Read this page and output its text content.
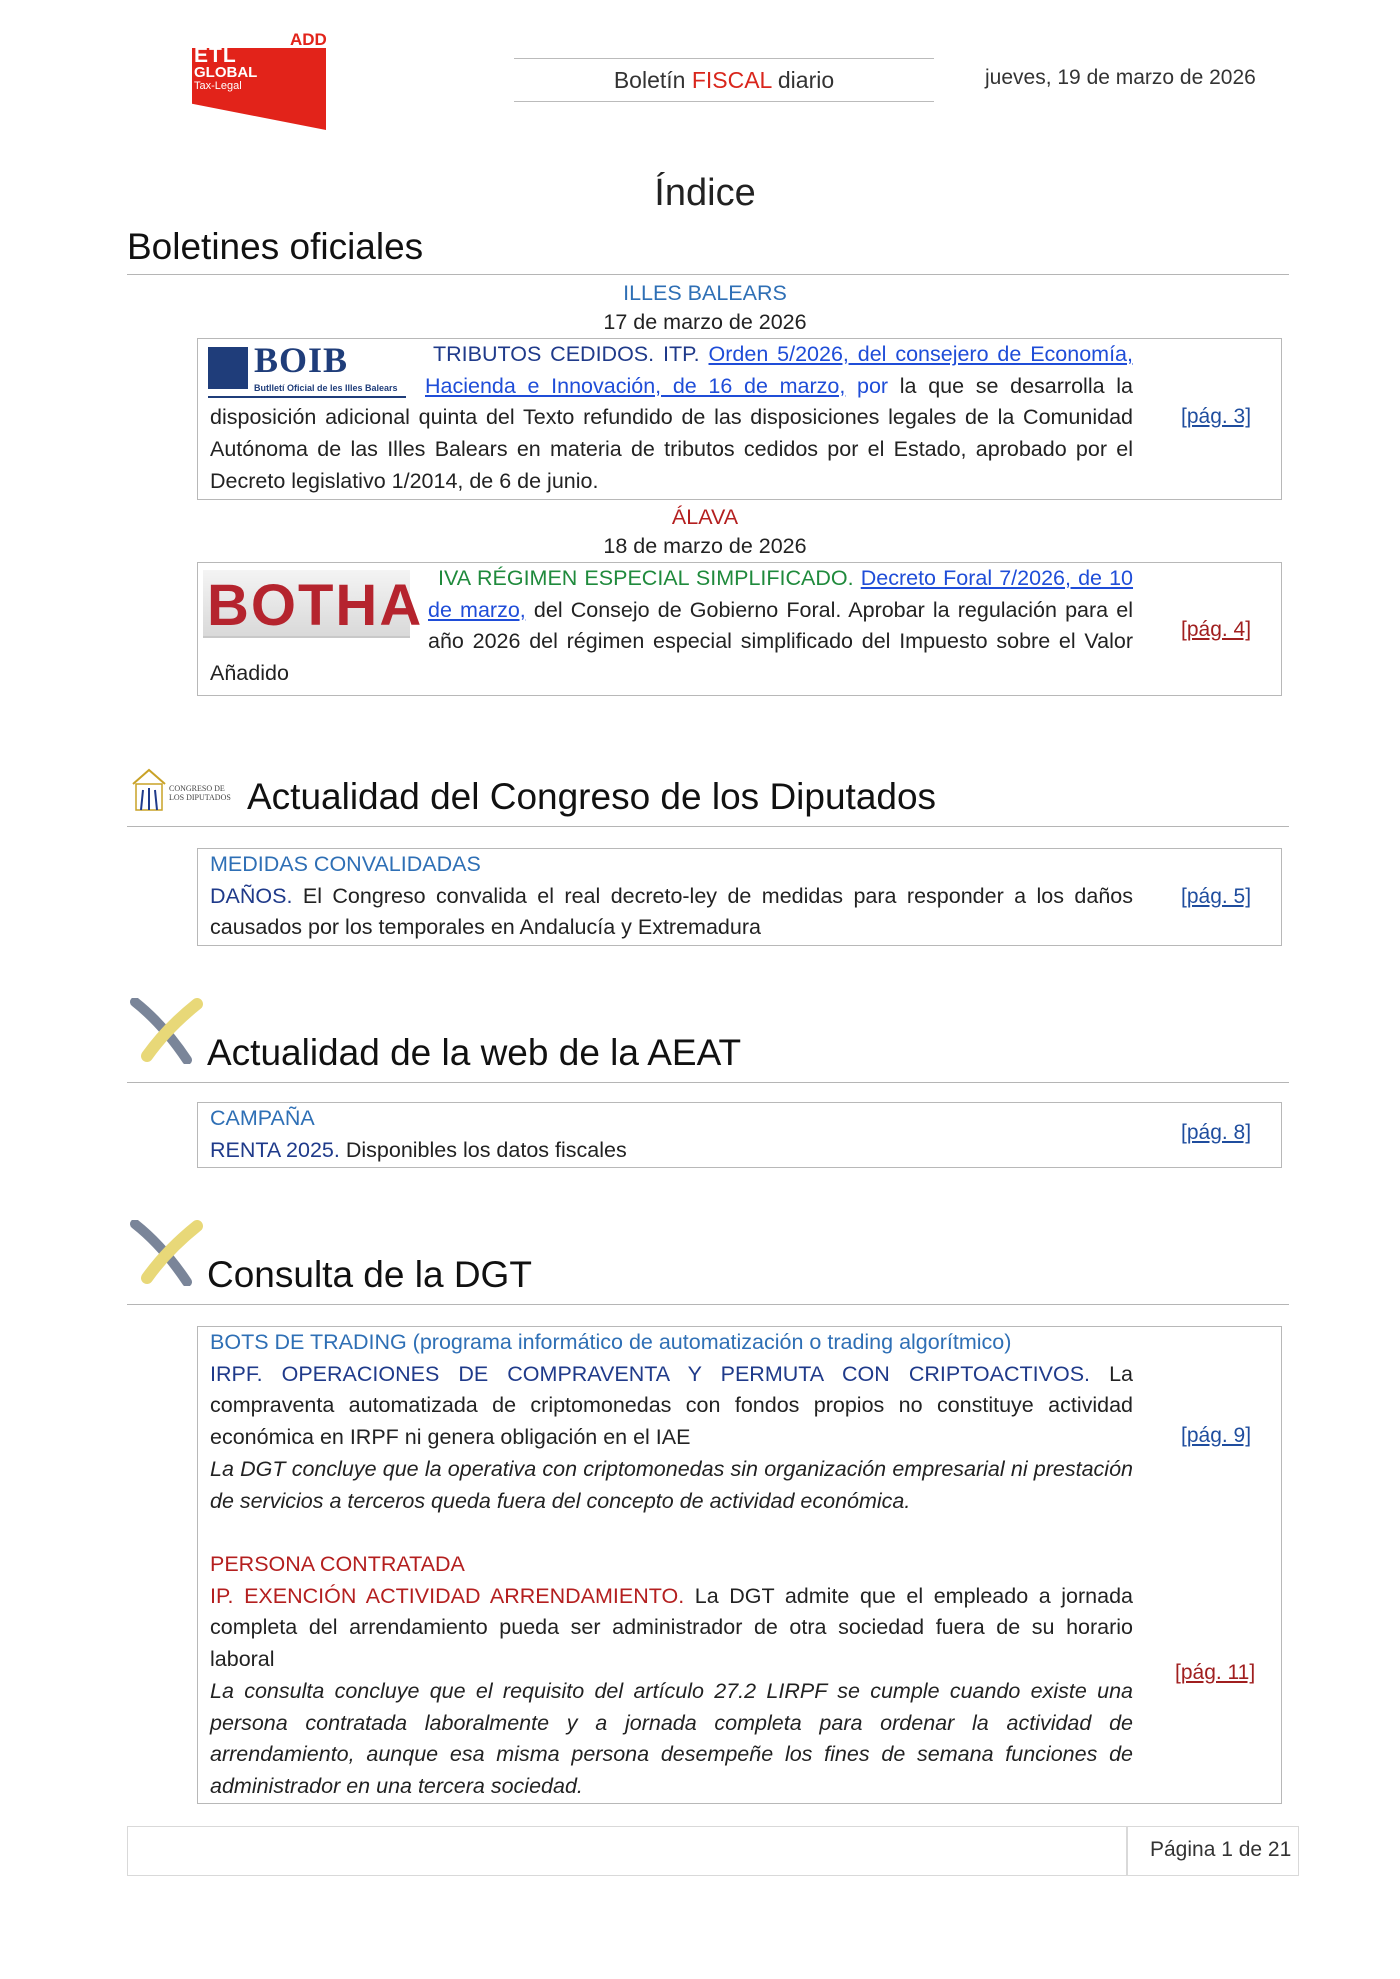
ADD
ETL
GLOBAL
Tax-Legal	Boletín FISCAL diario	jueves, 19 de marzo de 2026
Índice
Boletines oficiales
ILLES BALEARS
17 de marzo de 2026
BOIB
Butlletí Oficial de les Illes Balears
TRIBUTOS CEDIDOS. ITP. Orden 5/2026, del consejero de Economía, Hacienda e Innovación, de 16 de marzo, por la que se desarrolla la disposición adicional quinta del Texto refundido de las disposiciones legales de la Comunidad Autónoma de las Illes Balears en materia de tributos cedidos por el Estado, aprobado por el Decreto legislativo 1/2014, de 6 de junio.
[pág. 3]
ÁLAVA
18 de marzo de 2026
BOTHA IVA RÉGIMEN ESPECIAL SIMPLIFICADO. Decreto Foral 7/2026, de 10 de marzo, del Consejo de Gobierno Foral. Aprobar la regulación para el año 2026 del régimen especial simplificado del Impuesto sobre el Valor Añadido
[pág. 4]
CONGRESO DE
LOS DIPUTADOS Actualidad del Congreso de los Diputados
MEDIDAS CONVALIDADAS
DAÑOS. El Congreso convalida el real decreto-ley de medidas para responder a los daños causados por los temporales en Andalucía y Extremadura
[pág. 5]
Actualidad de la web de la AEAT
CAMPAÑA
RENTA 2025. Disponibles los datos fiscales
[pág. 8]
Consulta de la DGT
BOTS DE TRADING (programa informático de automatización o trading algorítmico)
IRPF. OPERACIONES DE COMPRAVENTA Y PERMUTA CON CRIPTOACTIVOS. La compraventa automatizada de criptomonedas con fondos propios no constituye actividad económica en IRPF ni genera obligación en el IAE
La DGT concluye que la operativa con criptomonedas sin organización empresarial ni prestación de servicios a terceros queda fuera del concepto de actividad económica.
[pág. 9]
PERSONA CONTRATADA
IP. EXENCIÓN ACTIVIDAD ARRENDAMIENTO. La DGT admite que el empleado a jornada completa del arrendamiento pueda ser administrador de otra sociedad fuera de su horario laboral
La consulta concluye que el requisito del artículo 27.2 LIRPF se cumple cuando existe una persona contratada laboralmente y a jornada completa para ordenar la actividad de arrendamiento, aunque esa misma persona desempeñe los fines de semana funciones de administrador en una tercera sociedad.
[pág. 11]
Página 1 de 21
